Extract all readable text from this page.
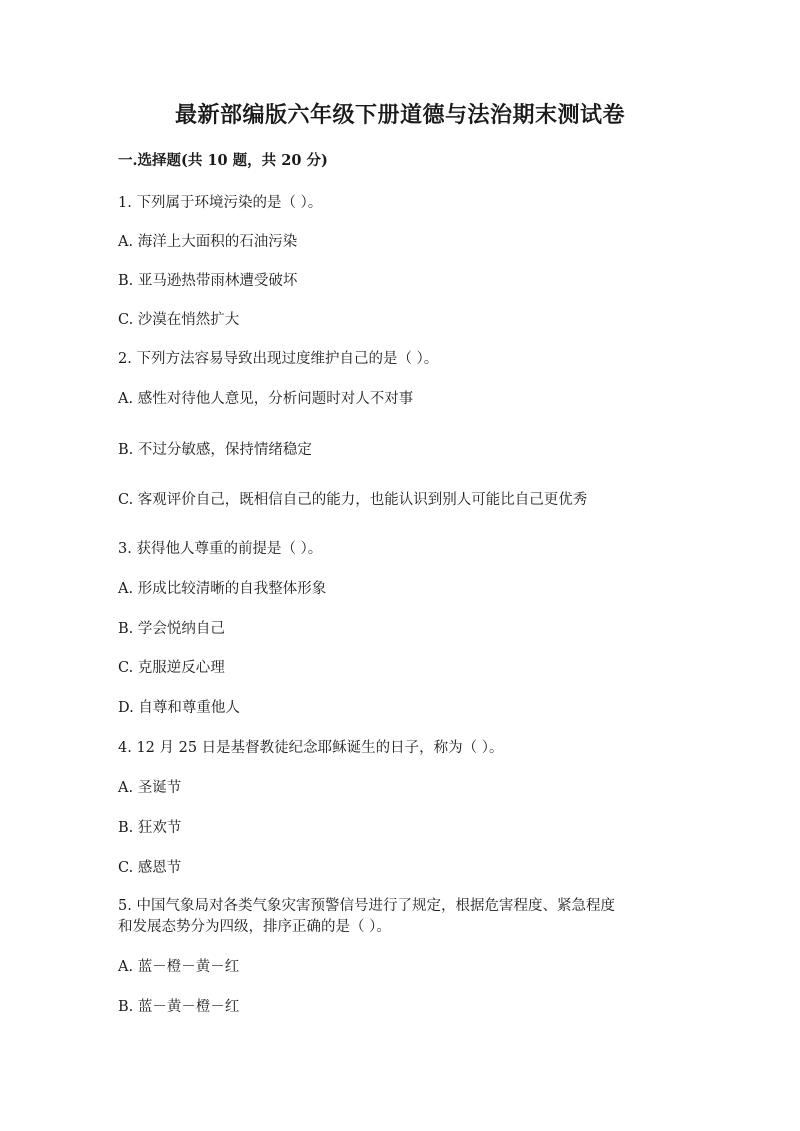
最新部编版六年级下册道德与法治期末测试卷
一.选择题(共 10 题，共 20 分)
1. 下列属于环境污染的是（ ）。
A. 海洋上大面积的石油污染
B. 亚马逊热带雨林遭受破坏
C. 沙漠在悄然扩大
2. 下列方法容易导致出现过度维护自己的是（ ）。
A. 感性对待他人意见，分析问题时对人不对事
B. 不过分敏感，保持情绪稳定
C. 客观评价自己，既相信自己的能力，也能认识到别人可能比自己更优秀
3. 获得他人尊重的前提是（ ）。
A. 形成比较清晰的自我整体形象
B. 学会悦纳自己
C. 克服逆反心理
D. 自尊和尊重他人
4. 12 月 25 日是基督教徒纪念耶稣诞生的日子，称为（ ）。
A. 圣诞节
B. 狂欢节
C. 感恩节
5. 中国气象局对各类气象灾害预警信号进行了规定，根据危害程度、紧急程度
和发展态势分为四级，排序正确的是（ ）。
A. 蓝－橙－黄－红
B. 蓝－黄－橙－红
